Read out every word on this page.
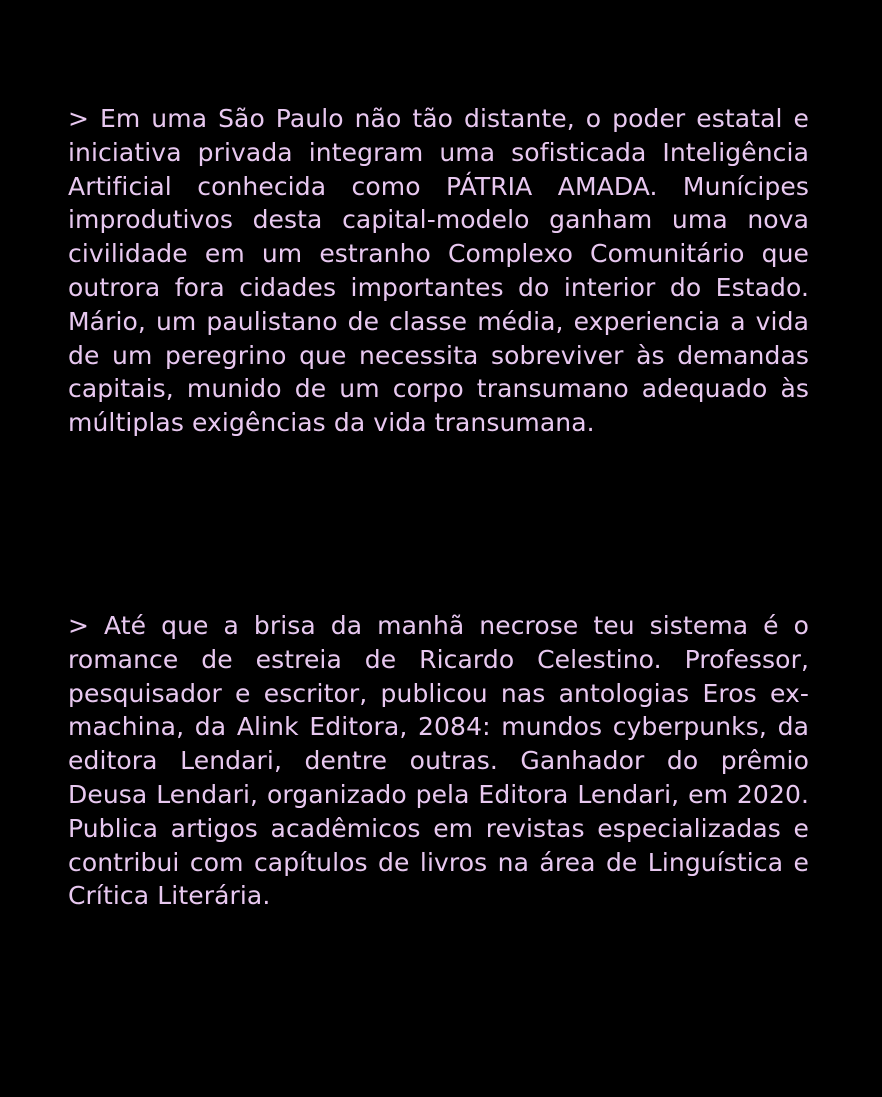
> Em uma São Paulo não tão distante, o poder estatal e iniciativa privada integram uma sofisticada Inteligência Artificial conhecida como PÁTRIA AMADA. Munícipes improdutivos desta capital-modelo ganham uma nova civilidade em um estranho Complexo Comunitário que outrora fora cidades importantes do interior do Estado. Mário, um paulistano de classe média, experiencia a vida de um peregrino que necessita sobreviver às demandas capitais, munido de um corpo transumano adequado às múltiplas exigências da vida transumana.

> Até que a brisa da manhã necrose teu sistema é o romance de estreia de Ricardo Celestino. Professor, pesquisador e escritor, publicou nas antologias Eros ex-machina, da Alink Editora, 2084: mundos cyberpunks, da editora Lendari, dentre outras. Ganhador do prêmio Deusa Lendari, organizado pela Editora Lendari, em 2020. Publica artigos acadêmicos em revistas especializadas e contribui com capítulos de livros na área de Linguística e Crítica Literária.
